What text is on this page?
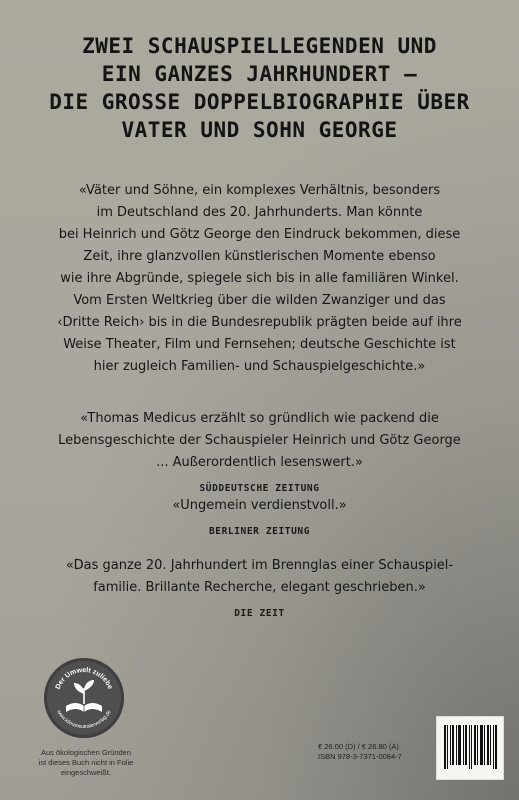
ZWEI SCHAUSPIELLEGENDEN UND
EIN GANZES JAHRHUNDERT –
DIE GROSSE DOPPELBIOGRAPHIE ÜBER
VATER UND SOHN GEORGE
«Väter und Söhne, ein komplexes Verhältnis, besonders
im Deutschland des 20. Jahrhunderts. Man könnte
bei Heinrich und Götz George den Eindruck bekommen, diese
Zeit, ihre glanzvollen künstlerischen Momente ebenso
wie ihre Abgründe, spiegele sich bis in alle familiären Winkel.
Vom Ersten Weltkrieg über die wilden Zwanziger und das
‹Dritte Reich› bis in die Bundesrepublik prägten beide auf ihre
Weise Theater, Film und Fernsehen; deutsche Geschichte ist
hier zugleich Familien- und Schauspielgeschichte.»
«Thomas Medicus erzählt so gründlich wie packend die
Lebensgeschichte der Schauspieler Heinrich und Götz George
... Außerordentlich lesenswert.»
SÜDDEUTSCHE ZEITUNG
«Ungemein verdienstvoll.»
BERLINER ZEITUNG
«Das ganze 20. Jahrhundert im Brennglas einer Schauspiel-
familie. Brillante Recherche, elegant geschrieben.»
DIE ZEIT
Der Umwelt zuliebe
www.klimaneutralerverlag.de
Aus ökologischen Gründen
ist dieses Buch nicht in Folie
eingeschweißt.
€ 26.00 (D) / € 26.80 (A)
ISBN 978-3-7371-0084-7
